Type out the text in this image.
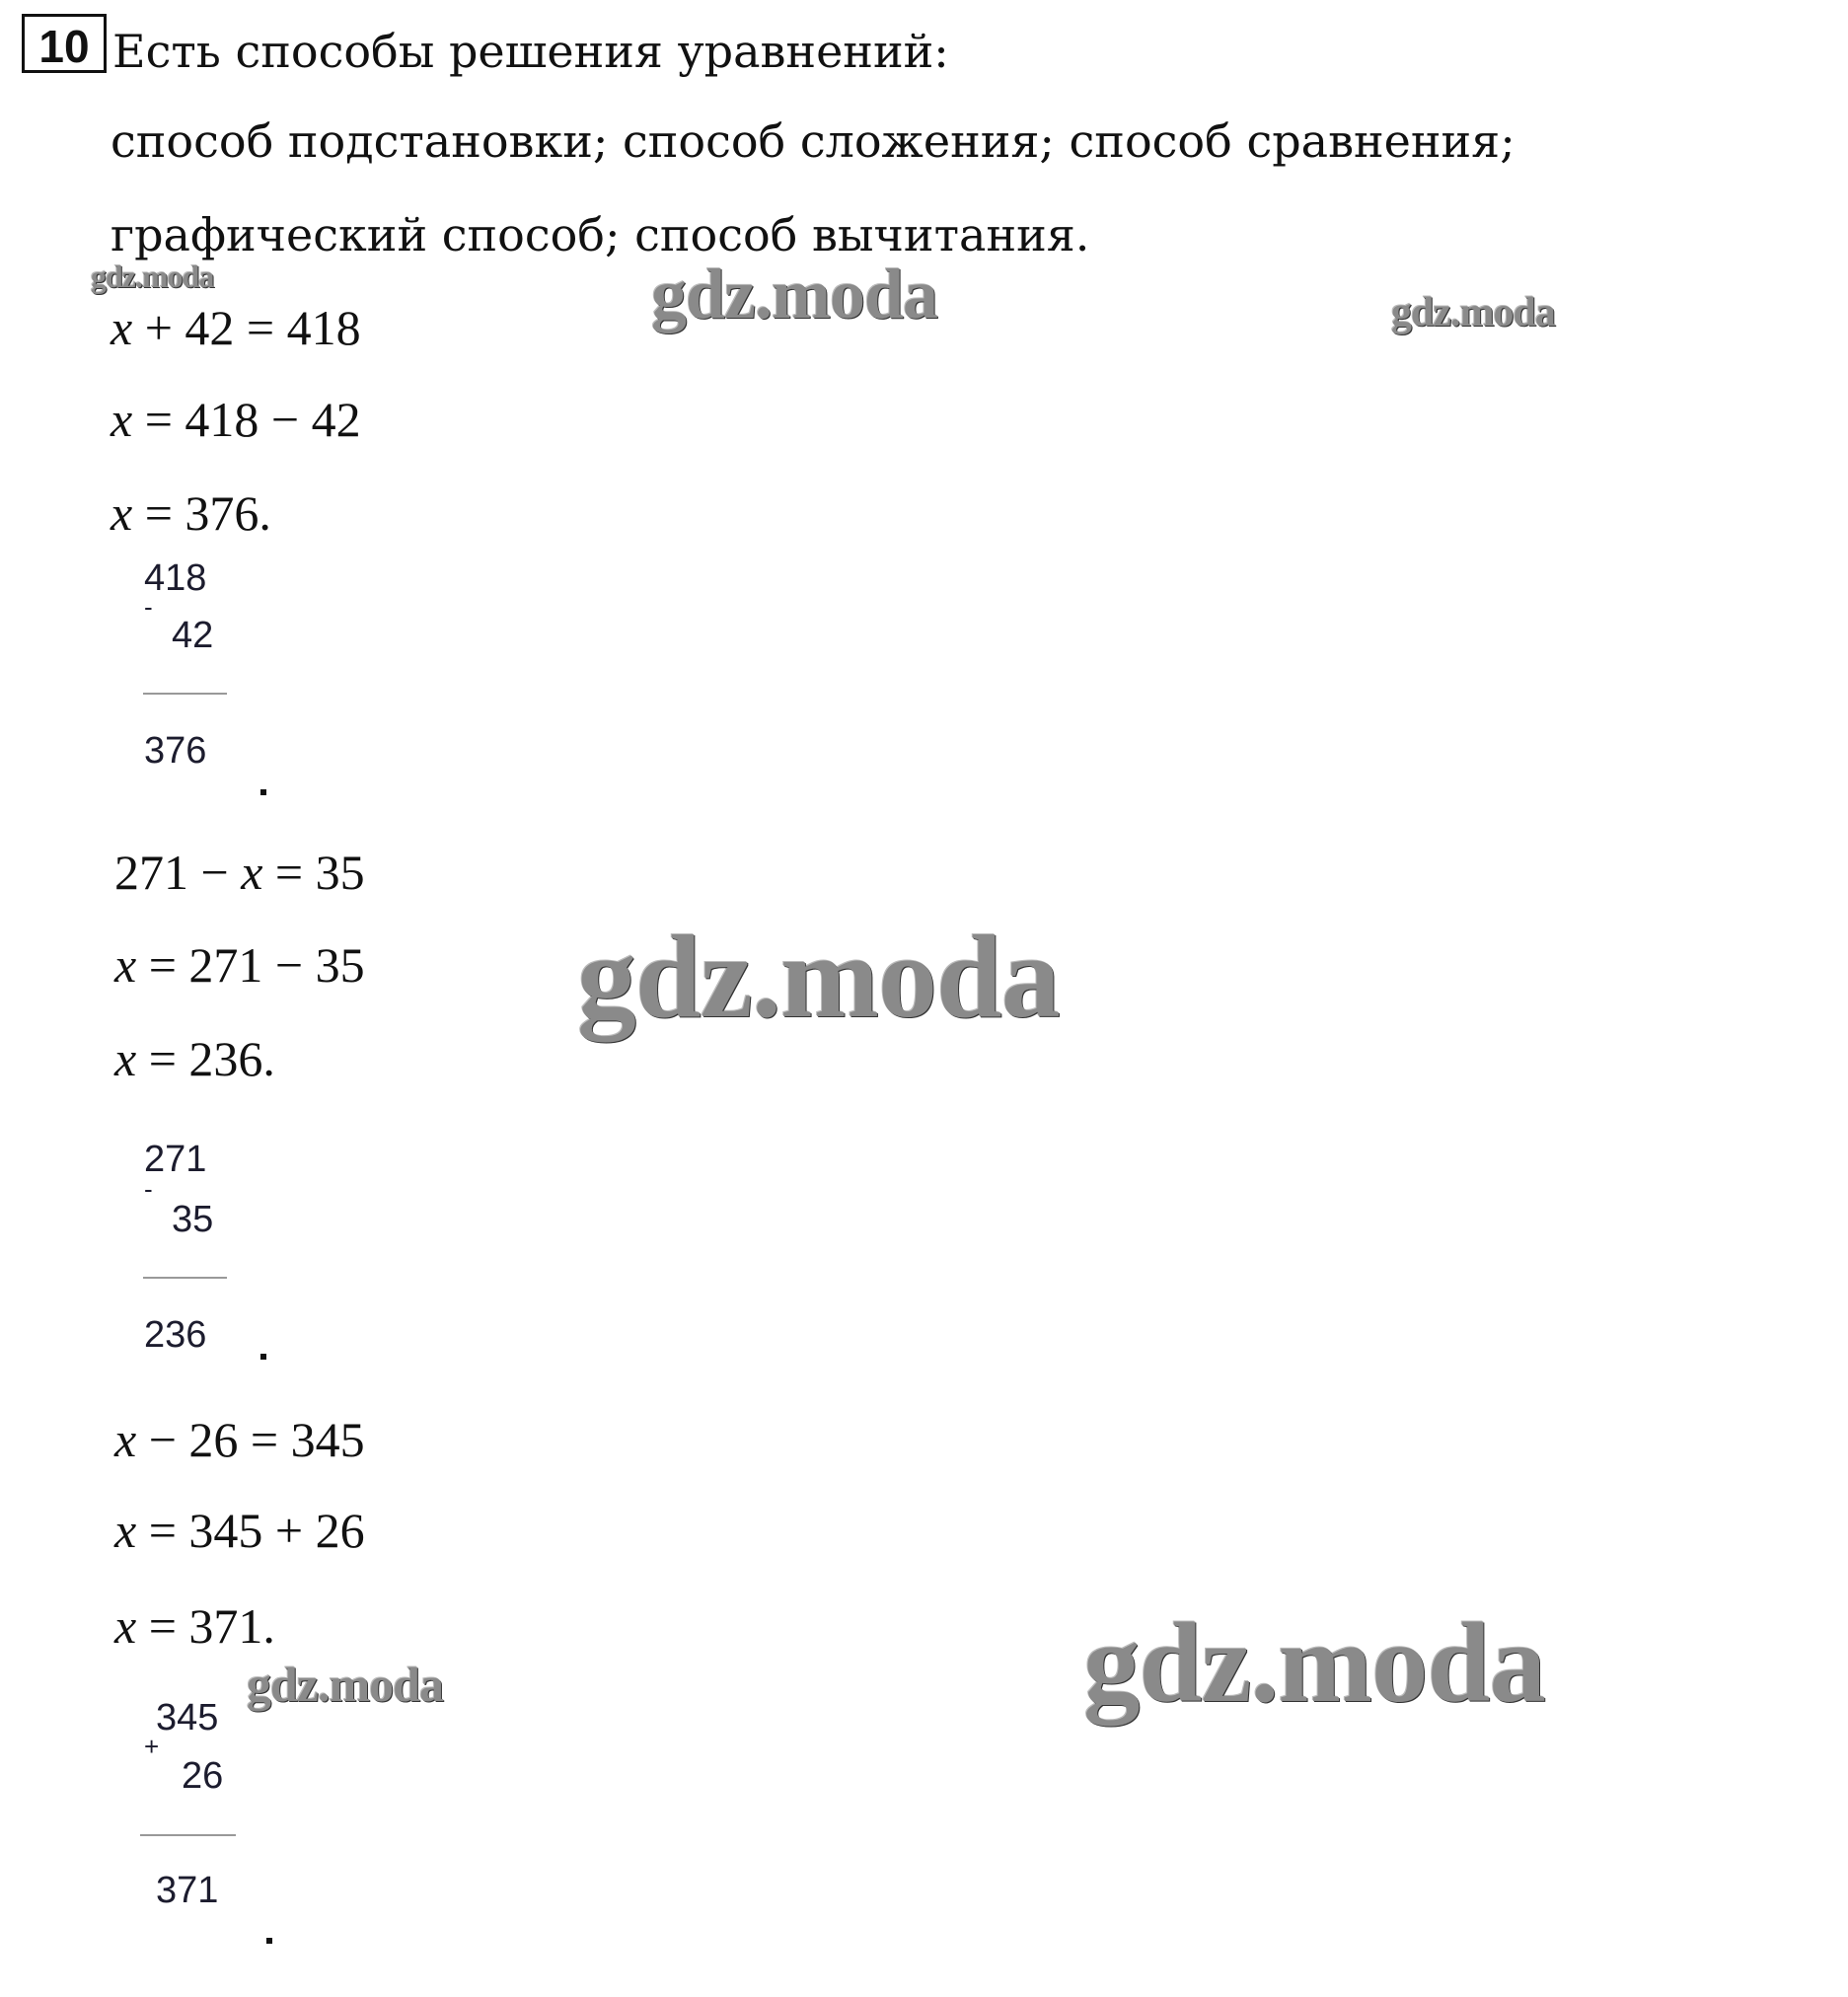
10 Есть способы решения уравнений:
способ подстановки; способ сложения; способ сравнения;
графический способ; способ вычитания.
x + 42 = 418
x = 418 − 42
x = 376.
418
-
42
376
271 − x = 35
x = 271 − 35
x = 236.
271
-
35
236
x − 26 = 345
x = 345 + 26
x = 371.
345
+
26
371
gdz.moda	gdz.moda	gdz.moda
gdz.moda
gdz.moda	gdz.moda
